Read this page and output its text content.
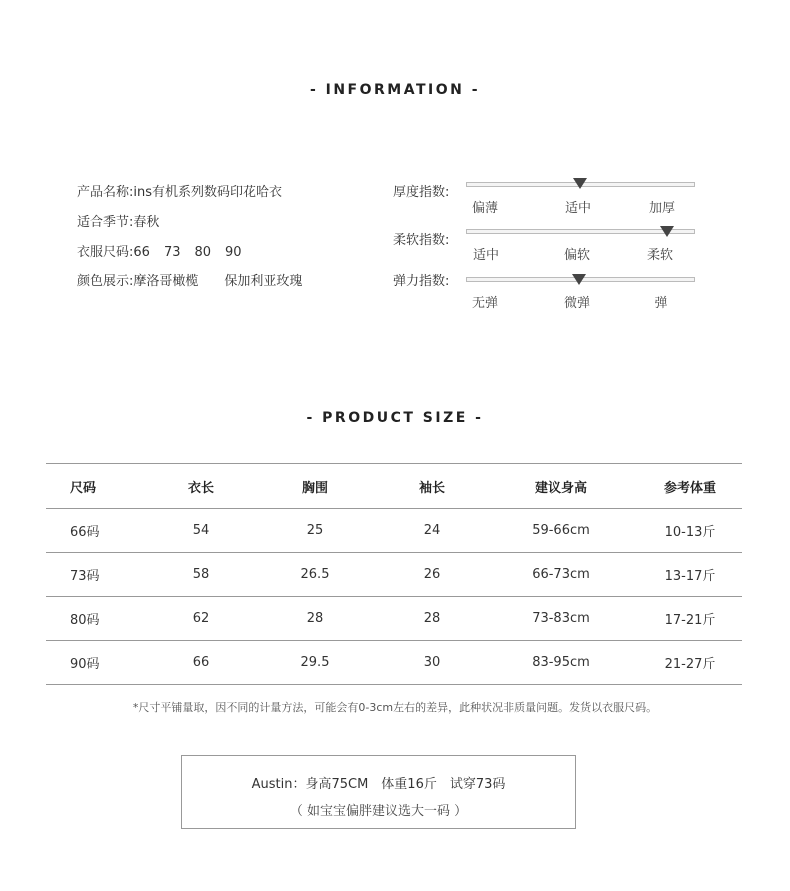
- INFORMATION -
产品名称:ins有机系列数码印花哈衣
适合季节:春秋
衣服尺码:66 73 80 90
颜色展示:摩洛哥橄榄 保加利亚玫瑰
厚度指数:
偏薄	适中	加厚
柔软指数:
适中	偏软	柔软
弹力指数:
无弹	微弹	弹
- PRODUCT SIZE -
尺码	衣长	胸围	袖长	建议身高	参考体重
66码	54	25	24	59-66cm	10-13斤
73码	58	26.5	26	66-73cm	13-17斤
80码	62	28	28	73-83cm	17-21斤
90码	66	29.5	30	83-95cm	21-27斤
*尺寸平铺量取，因不同的计量方法，可能会有0-3cm左右的差异，此种状况非质量问题。发货以衣服尺码。
Austin：身高75CM　体重16斤　试穿73码
（ 如宝宝偏胖建议选大一码 ）
